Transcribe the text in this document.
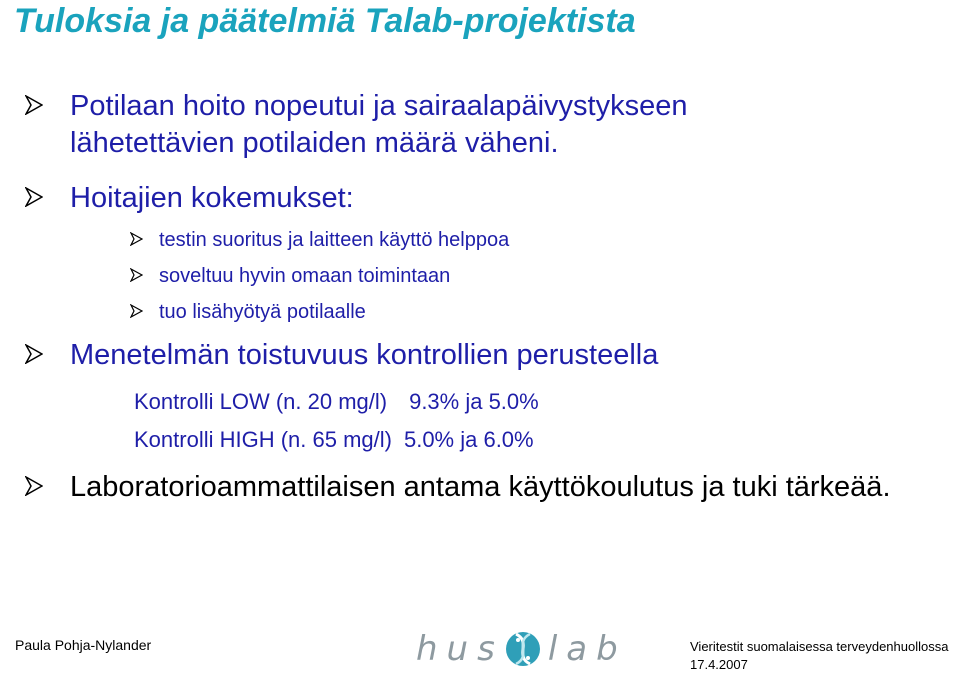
Tuloksia ja päätelmiä Talab-projektista
Potilaan hoito nopeutui ja sairaalapäivystykseen lähetettävien potilaiden määrä väheni.
Hoitajien kokemukset:
testin suoritus ja laitteen käyttö helppoa
soveltuu hyvin omaan toimintaan
tuo lisähyötyä potilaalle
Menetelmän toistuvuus kontrollien perusteella
Kontrolli LOW (n. 20 mg/l) 9.3% ja 5.0%
Kontrolli HIGH (n. 65 mg/l) 5.0% ja 6.0%
Laboratorioammattilaisen antama käyttökoulutus ja tuki tärkeää.
Paula Pohja-Nylander	hus lab	Vieritestit suomalaisessa terveydenhuollossa
17.4.2007
